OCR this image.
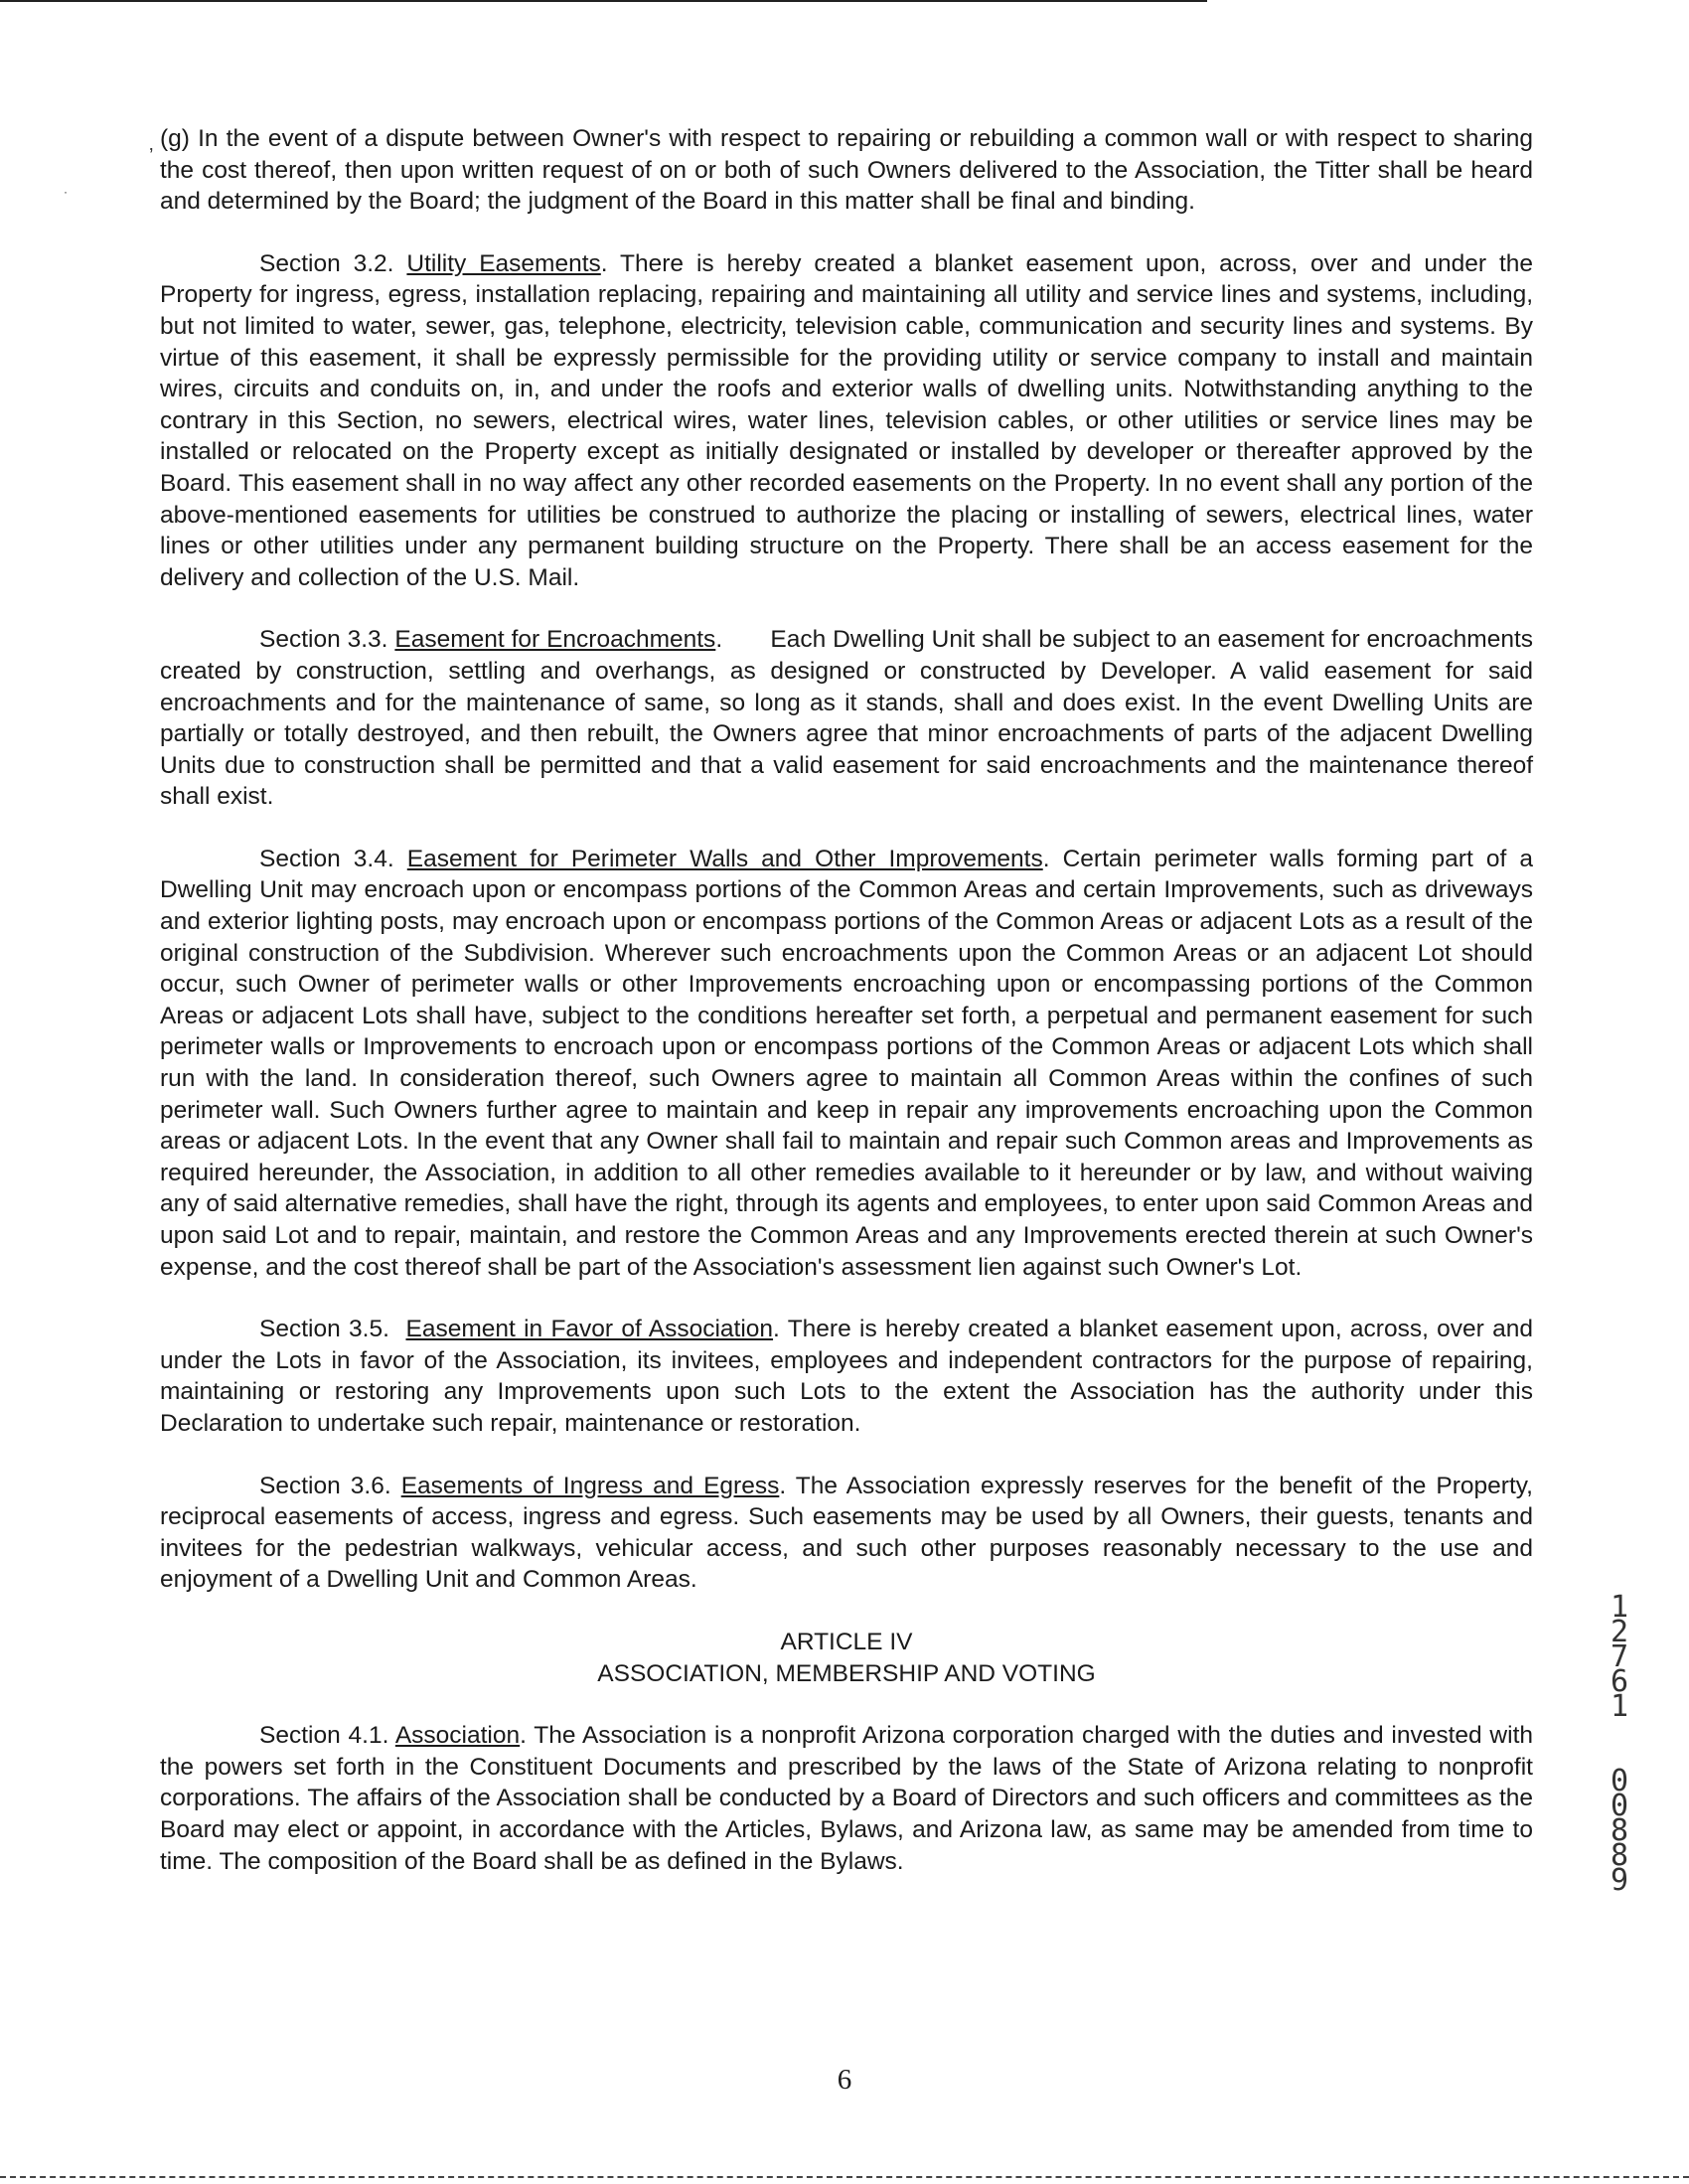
‚
·

(g) In the event of a dispute between Owner's with respect to repairing or rebuilding a common wall or with respect to sharing the cost thereof, then upon written request of on or both of such Owners delivered to the Association, the Titter shall be heard and determined by the Board; the judgment of the Board in this matter shall be final and binding.

Section 3.2. Utility Easements. There is hereby created a blanket easement upon, across, over and under the Property for ingress, egress, installation replacing, repairing and maintaining all utility and service lines and systems, including, but not limited to water, sewer, gas, telephone, electricity, television cable, communication and security lines and systems. By virtue of this easement, it shall be expressly permissible for the providing utility or service company to install and maintain wires, circuits and conduits on, in, and under the roofs and exterior walls of dwelling units. Notwithstanding anything to the contrary in this Section, no sewers, electrical wires, water lines, television cables, or other utilities or service lines may be installed or relocated on the Property except as initially designated or installed by developer or thereafter approved by the Board. This easement shall in no way affect any other recorded easements on the Property. In no event shall any portion of the above-mentioned easements for utilities be construed to authorize the placing or installing of sewers, electrical lines, water lines or other utilities under any permanent building structure on the Property. There shall be an access easement for the delivery and collection of the U.S. Mail.

Section 3.3. Easement for Encroachments.       Each Dwelling Unit shall be subject to an easement for encroachments created by construction, settling and overhangs, as designed or constructed by Developer. A valid easement for said encroachments and for the maintenance of same, so long as it stands, shall and does exist. In the event Dwelling Units are partially or totally destroyed, and then rebuilt, the Owners agree that minor encroachments of parts of the adjacent Dwelling Units due to construction shall be permitted and that a valid easement for said encroachments and the maintenance thereof shall exist.

Section 3.4. Easement for Perimeter Walls and Other Improvements. Certain perimeter walls forming part of a Dwelling Unit may encroach upon or encompass portions of the Common Areas and certain Improvements, such as driveways and exterior lighting posts, may encroach upon or encompass portions of the Common Areas or adjacent Lots as a result of the original construction of the Subdivision. Wherever such encroachments upon the Common Areas or an adjacent Lot should occur, such Owner of perimeter walls or other Improvements encroaching upon or encompassing portions of the Common Areas or adjacent Lots shall have, subject to the conditions hereafter set forth, a perpetual and permanent easement for such perimeter walls or Improvements to encroach upon or encompass portions of the Common Areas or adjacent Lots which shall run with the land. In consideration thereof, such Owners agree to maintain all Common Areas within the confines of such perimeter wall. Such Owners further agree to maintain and keep in repair any improvements encroaching upon the Common areas or adjacent Lots. In the event that any Owner shall fail to maintain and repair such Common areas and Improvements as required hereunder, the Association, in addition to all other remedies available to it hereunder or by law, and without waiving any of said alternative remedies, shall have the right, through its agents and employees, to enter upon said Common Areas and upon said Lot and to repair, maintain, and restore the Common Areas and any Improvements erected therein at such Owner's expense, and the cost thereof shall be part of the Association's assessment lien against such Owner's Lot.

Section 3.5. Easement in Favor of Association. There is hereby created a blanket easement upon, across, over and under the Lots in favor of the Association, its invitees, employees and independent contractors for the purpose of repairing, maintaining or restoring any Improvements upon such Lots to the extent the Association has the authority under this Declaration to undertake such repair, maintenance or restoration.

Section 3.6. Easements of Ingress and Egress. The Association expressly reserves for the benefit of the Property, reciprocal easements of access, ingress and egress. Such easements may be used by all Owners, their guests, tenants and invitees for the pedestrian walkways, vehicular access, and such other purposes reasonably necessary to the use and enjoyment of a Dwelling Unit and Common Areas.

ARTICLE IV
ASSOCIATION, MEMBERSHIP AND VOTING

Section 4.1. Association. The Association is a nonprofit Arizona corporation charged with the duties and invested with the powers set forth in the Constituent Documents and prescribed by the laws of the State of Arizona relating to nonprofit corporations. The affairs of the Association shall be conducted by a Board of Directors and such officers and committees as the Board may elect or appoint, in accordance with the Articles, Bylaws, and Arizona law, as same may be amended from time to time. The composition of the Board shall be as defined in the Bylaws.

1
2
7
6
1

0
0
8
8
9
6
